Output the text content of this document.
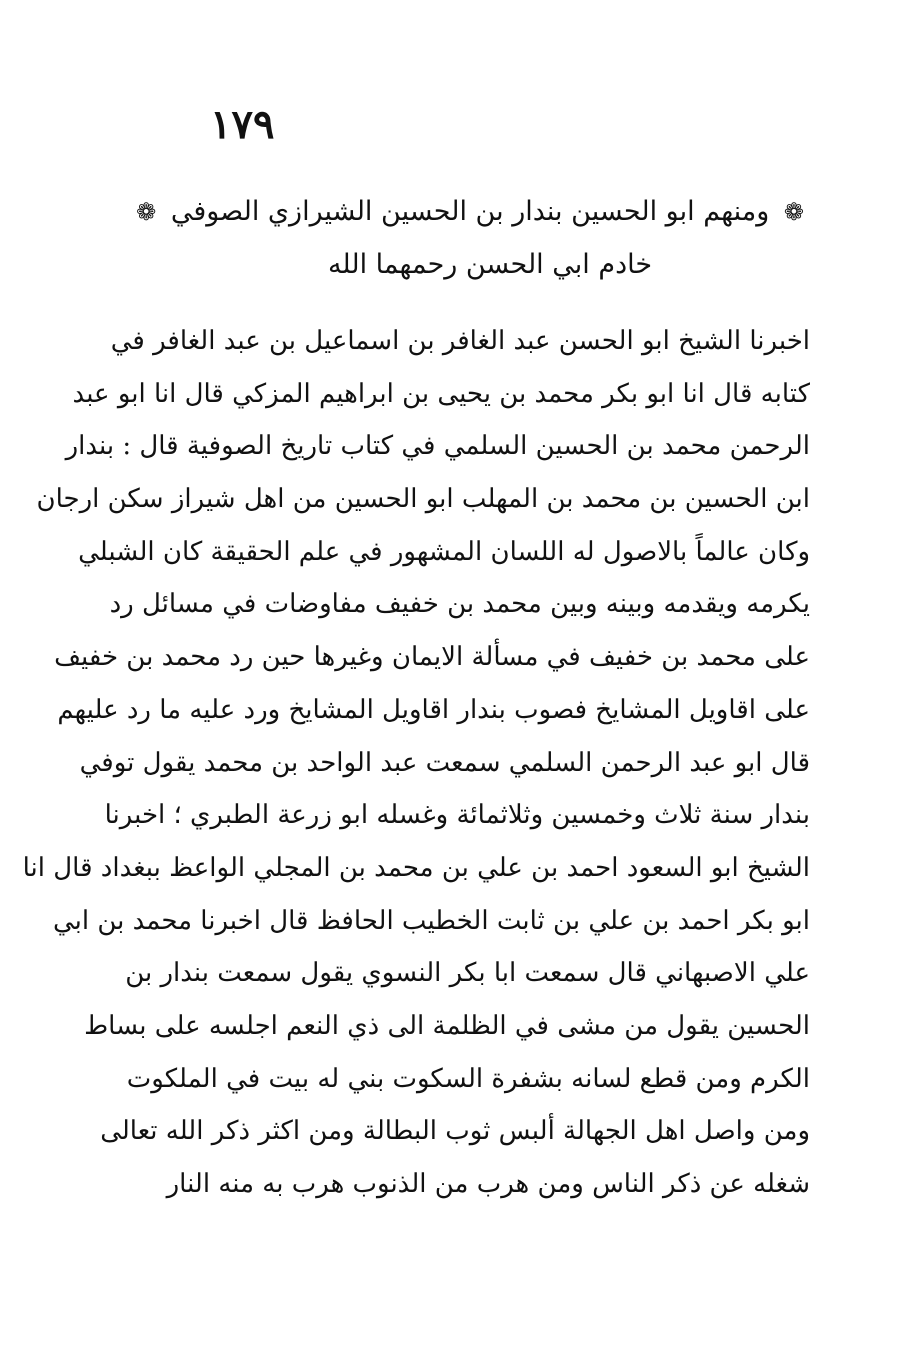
١٧٩
❁ ومنهم ابو الحسين بندار بن الحسين الشيرازي الصوفي ❁
خادم ابي الحسن رحمهما الله
اخبرنا الشيخ ابو الحسن عبد الغافر بن اسماعيل بن عبد الغافر في
كتابه قال انا ابو بكر محمد بن يحيى بن ابراهيم المزكي قال انا ابو عبد
الرحمن محمد بن الحسين السلمي في كتاب تاريخ الصوفية قال : بندار
ابن الحسين بن محمد بن المهلب ابو الحسين من اهل شيراز سكن ارجان
وكان عالماً بالاصول له اللسان المشهور في علم الحقيقة كان الشبلي
يكرمه ويقدمه وبينه وبين محمد بن خفيف مفاوضات في مسائل رد
على محمد بن خفيف في مسألة الايمان وغيرها حين رد محمد بن خفيف
على اقاويل المشايخ فصوب بندار اقاويل المشايخ ورد عليه ما رد عليهم
قال ابو عبد الرحمن السلمي سمعت عبد الواحد بن محمد يقول توفي
بندار سنة ثلاث وخمسين وثلاثمائة وغسله ابو زرعة الطبري ؛ اخبرنا
الشيخ ابو السعود احمد بن علي بن محمد بن المجلي الواعظ ببغداد قال انا
ابو بكر احمد بن علي بن ثابت الخطيب الحافظ قال اخبرنا محمد بن ابي
علي الاصبهاني قال سمعت ابا بكر النسوي يقول سمعت بندار بن
الحسين يقول من مشى في الظلمة الى ذي النعم اجلسه على بساط
الكرم ومن قطع لسانه بشفرة السكوت بني له بيت في الملكوت
ومن واصل اهل الجهالة ألبس ثوب البطالة ومن اكثر ذكر الله تعالى
شغله عن ذكر الناس ومن هرب من الذنوب هرب به منه النار
